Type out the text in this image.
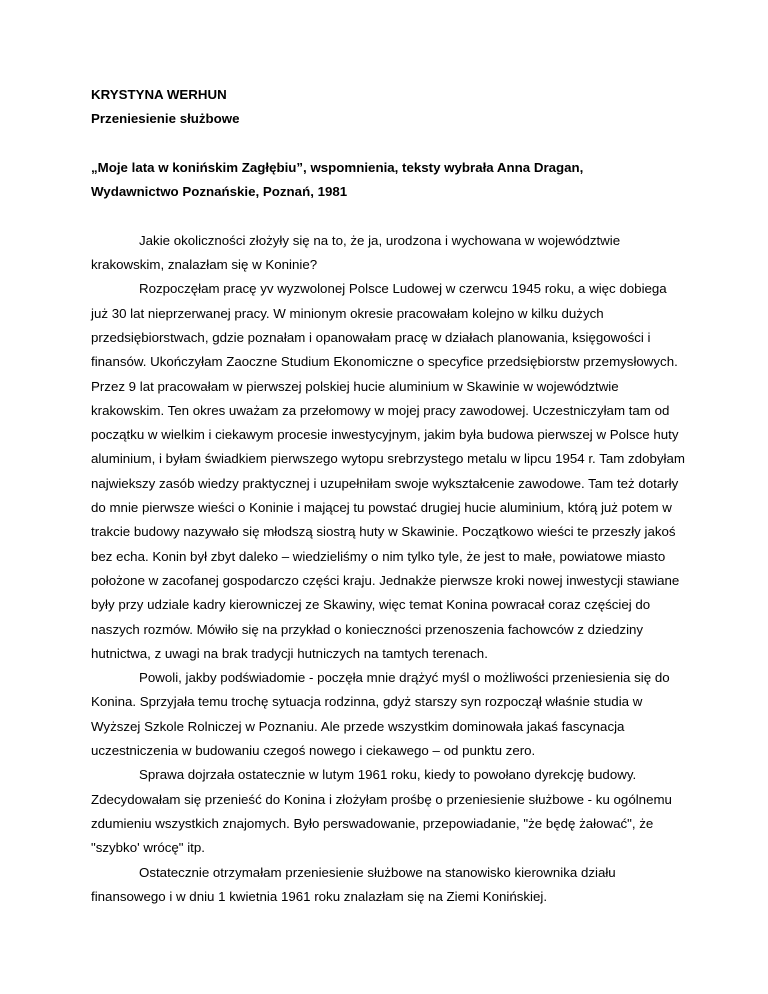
KRYSTYNA WERHUN

Przeniesienie służbowe

„Moje lata w konińskim Zagłębiu”, wspomnienia, teksty wybrała Anna Dragan,

Wydawnictwo Poznańskie, Poznań, 1981

Jakie okoliczności złożyły się na to, że ja, urodzona i wychowana w województwie krakowskim, znalazłam się w Koninie?

Rozpoczęłam pracę yv wyzwolonej Polsce Ludowej w czerwcu 1945 roku, a więc dobiega już 30 lat nieprzerwanej pracy. W minionym okresie pracowałam kolejno w kilku dużych przedsiębiorstwach, gdzie poznałam i opanowałam pracę w działach planowania, księgowości i finansów. Ukończyłam Zaoczne Studium Ekonomiczne o specyfice przedsiębiorstw przemysłowych. Przez 9 lat pracowałam w pierwszej polskiej hucie aluminium w Skawinie w województwie krakowskim. Ten okres uważam za przełomowy w mojej pracy zawodowej. Uczestniczyłam tam od początku w wielkim i ciekawym procesie inwestycyjnym, jakim była budowa pierwszej w Polsce huty aluminium, i byłam świadkiem pierwszego wytopu srebrzystego metalu w lipcu 1954 r. Tam zdobyłam najwiekszy zasób wiedzy praktycznej i uzupełniłam swoje wykształcenie zawodowe. Tam też dotarły do mnie pierwsze wieści o Koninie i mającej tu powstać drugiej hucie aluminium, którą już potem w trakcie budowy nazywało się młodszą siostrą huty w Skawinie. Początkowo wieści te przeszły jakoś bez echa. Konin był zbyt daleko – wiedzieliśmy o nim tylko tyle, że jest to małe, powiatowe miasto położone w zacofanej gospodarczo części kraju. Jednakże pierwsze kroki nowej inwestycji stawiane były przy udziale kadry kierowniczej ze Skawiny, więc temat Konina powracał coraz częściej do naszych rozmów. Mówiło się na przykład o konieczności przenoszenia fachowców z dziedziny hutnictwa, z uwagi na brak tradycji hutniczych na tamtych terenach.

Powoli, jakby podświadomie - poczęła mnie drążyć myśl o możliwości przeniesienia się do Konina. Sprzyjała temu trochę sytuacja rodzinna, gdyż starszy syn rozpoczął właśnie studia w Wyższej Szkole Rolniczej w Poznaniu. Ale przede wszystkim dominowała jakaś fascynacja uczestniczenia w budowaniu czegoś nowego i ciekawego – od punktu zero.

Sprawa dojrzała ostatecznie w lutym 1961 roku, kiedy to powołano dyrekcję budowy. Zdecydowałam się przenieść do Konina i złożyłam prośbę o przeniesienie służbowe - ku ogólnemu zdumieniu wszystkich znajomych. Było perswadowanie, przepowiadanie, "że będę żałować", że "szybko' wrócę" itp.

Ostatecznie otrzymałam przeniesienie służbowe na stanowisko kierownika działu finansowego i w dniu 1 kwietnia 1961 roku znalazłam się na Ziemi Konińskiej.
